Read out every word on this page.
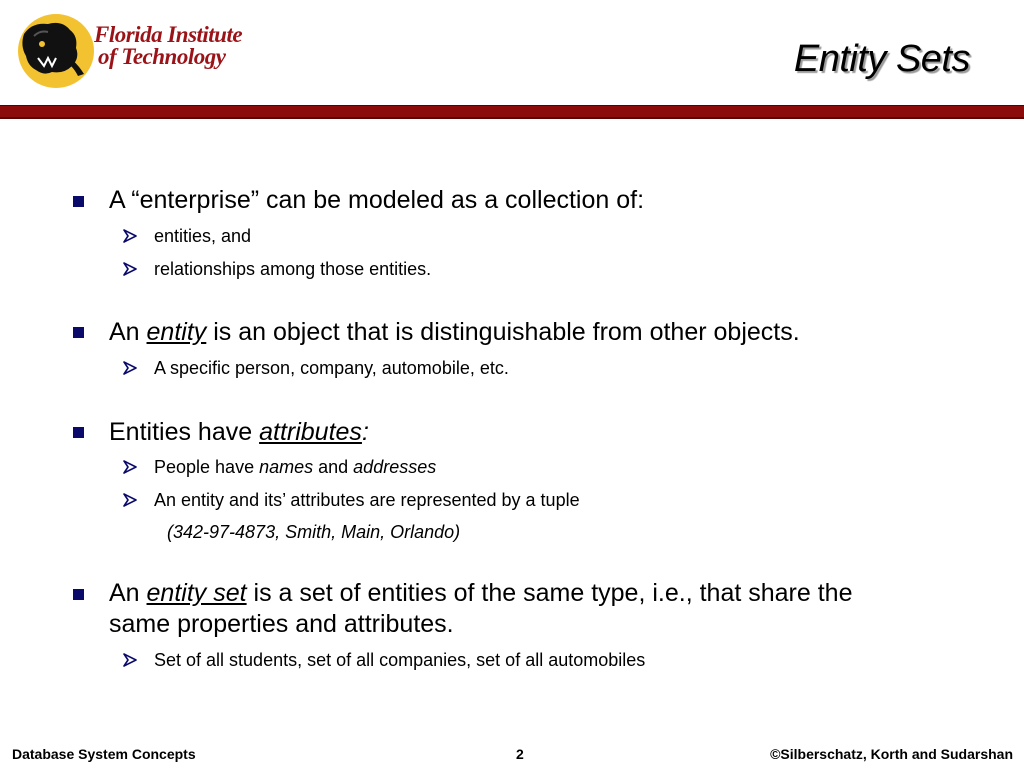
Florida Institute
of Technology	Entity Sets
A “enterprise” can be modeled as a collection of:
entities, and
relationships among those entities.
An entity is an object that is distinguishable from other objects.
A specific person, company, automobile, etc.
Entities have attributes:
People have names and addresses
An entity and its’ attributes are represented by a tuple
(342-97-4873, Smith, Main, Orlando)
An entity set is a set of entities of the same type, i.e., that share the
same properties and attributes.
Set of all students, set of all companies, set of all automobiles
Database System Concepts	2	©Silberschatz, Korth and Sudarshan
